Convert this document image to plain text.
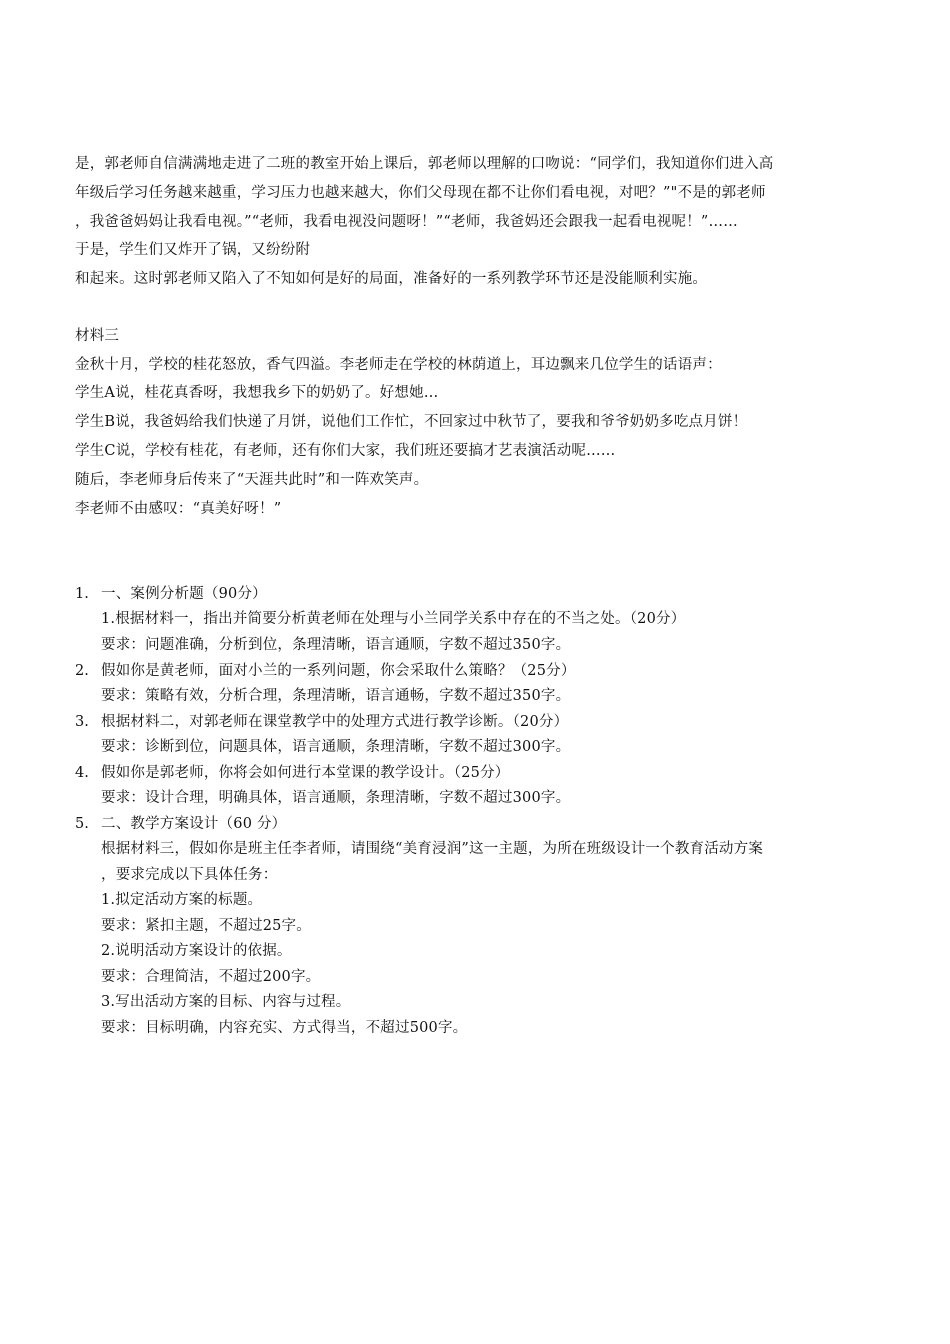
是，郭老师自信满满地走进了二班的教室开始上课后，郭老师以理解的口吻说：“同学们，我知道你们进入高
年级后学习任务越来越重，学习压力也越来越大，你们父母现在都不让你们看电视，对吧？”"不是的郭老师
，我爸爸妈妈让我看电视。”“老师，我看电视没问题呀！”“老师，我爸妈还会跟我一起看电视呢！”……
于是，学生们又炸开了锅，又纷纷附
和起来。这时郭老师又陷入了不知如何是好的局面，准备好的一系列教学环节还是没能顺利实施。
材料三
金秋十月，学校的桂花怒放，香气四溢。李老师走在学校的林荫道上，耳边飘来几位学生的话语声：
学生A说，桂花真香呀，我想我乡下的奶奶了。好想她…
学生B说，我爸妈给我们快递了月饼，说他们工作忙，不回家过中秋节了，要我和爷爷奶奶多吃点月饼！
学生C说，学校有桂花，有老师，还有你们大家，我们班还要搞才艺表演活动呢……
随后，李老师身后传来了“天涯共此时”和一阵欢笑声。
李老师不由感叹：“真美好呀！”
1. 一、案例分析题（90分）
1.根据材料一，指出并简要分析黄老师在处理与小兰同学关系中存在的不当之处。（20分）
要求：问题准确，分析到位，条理清晰，语言通顺，字数不超过350字。
2. 假如你是黄老师，面对小兰的一系列问题，你会采取什么策略？（25分）
要求：策略有效，分析合理，条理清晰，语言通畅，字数不超过350字。
3. 根据材料二，对郭老师在课堂教学中的处理方式进行教学诊断。（20分）
要求：诊断到位，问题具体，语言通顺，条理清晰，字数不超过300字。
4. 假如你是郭老师，你将会如何进行本堂课的教学设计。（25分）
要求：设计合理，明确具体，语言通顺，条理清晰，字数不超过300字。
5. 二、教学方案设计（60 分）
根据材料三，假如你是班主任李者师，请围绕“美育浸润”这一主题，为所在班级设计一个教育活动方案
，要求完成以下具体任务：
1.拟定活动方案的标题。
要求：紧扣主题，不超过25字。
2.说明活动方案设计的依据。
要求：合理简洁，不超过200字。
3.写出活动方案的目标、内容与过程。
要求：目标明确，内容充实、方式得当，不超过500字。
